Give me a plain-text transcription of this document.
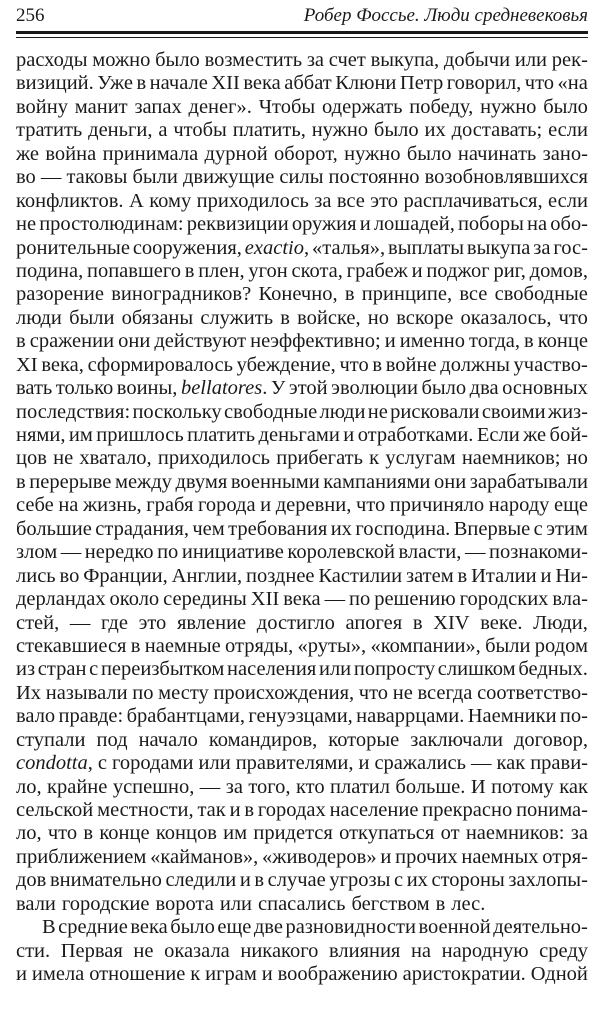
256	Робер Фоссье. Люди средневековья
расходы можно было возместить за счет выкупа, добычи или рек-
визиций. Уже в начале XII века аббат Клюни Петр говорил, что «на
войну манит запах денег». Чтобы одержать победу, нужно было
тратить деньги, а чтобы платить, нужно было их доставать; если
же война принимала дурной оборот, нужно было начинать зано-
во — таковы были движущие силы постоянно возобновлявшихся
конфликтов. А кому приходилось за все это расплачиваться, если
не простолюдинам: реквизиции оружия и лошадей, поборы на обо-
ронительные сооружения, exactio, «талья», выплаты выкупа за гос-
подина, попавшего в плен, угон скота, грабеж и поджог риг, домов,
разорение виноградников? Конечно, в принципе, все свободные
люди были обязаны служить в войске, но вскоре оказалось, что
в сражении они действуют неэффективно; и именно тогда, в конце
XI века, сформировалось убеждение, что в войне должны участво-
вать только воины, bellatores. У этой эволюции было два основных
последствия: поскольку свободные люди не рисковали своими жиз-
нями, им пришлось платить деньгами и отработками. Если же бой-
цов не хватало, приходилось прибегать к услугам наемников; но
в перерыве между двумя военными кампаниями они зарабатывали
себе на жизнь, грабя города и деревни, что причиняло народу еще
большие страдания, чем требования их господина. Впервые с этим
злом — нередко по инициативе королевской власти, — познакоми-
лись во Франции, Англии, позднее Кастилии затем в Италии и Ни-
дерландах около середины XII века — по решению городских вла-
стей, — где это явление достигло апогея в XIV веке. Люди,
стекавшиеся в наемные отряды, «руты», «компании», были родом
из стран с переизбытком населения или попросту слишком бедных.
Их называли по месту происхождения, что не всегда соответство-
вало правде: брабантцами, генуэзцами, наваррцами. Наемники по-
ступали под начало командиров, которые заключали договор,
condotta, с городами или правителями, и сражались — как прави-
ло, крайне успешно, — за того, кто платил больше. И потому как
сельской местности, так и в городах население прекрасно понима-
ло, что в конце концов им придется откупаться от наемников: за
приближением «кайманов», «живодеров» и прочих наемных отря-
дов внимательно следили и в случае угрозы с их стороны захлопы-
вали городские ворота или спасались бегством в лес.
В средние века было еще две разновидности военной деятельно-
сти. Первая не оказала никакого влияния на народную среду
и имела отношение к играм и воображению аристократии. Одной
